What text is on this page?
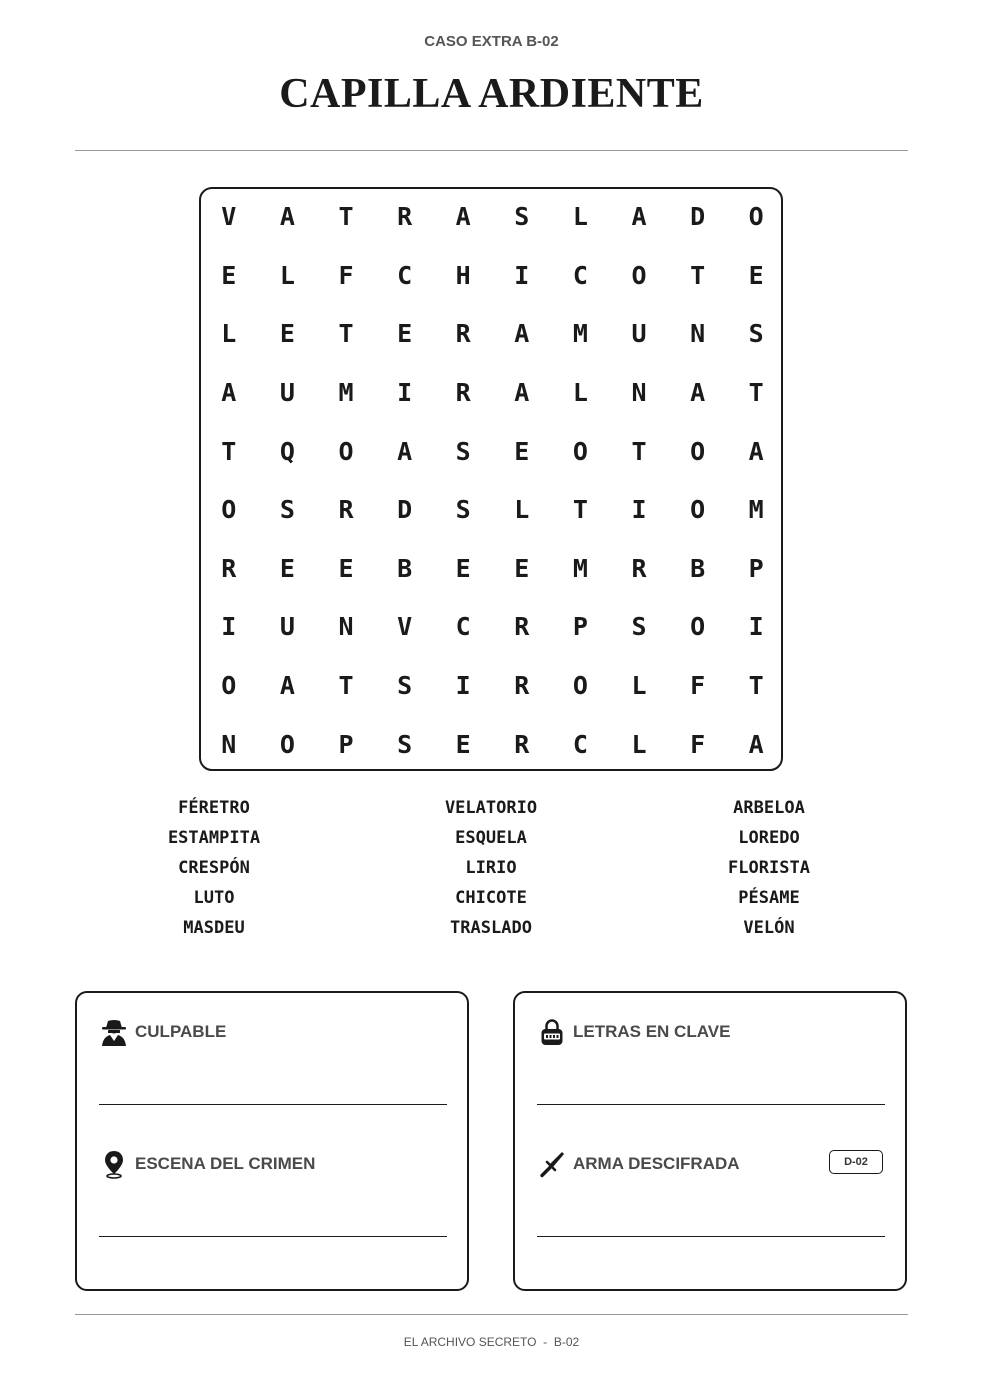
CASO EXTRA B-02
CAPILLA ARDIENTE
V	A	T	R	A	S	L	A	D	O
E	L	F	C	H	I	C	O	T	E
L	E	T	E	R	A	M	U	N	S
A	U	M	I	R	A	L	N	A	T
T	Q	O	A	S	E	O	T	O	A
O	S	R	D	S	L	T	I	O	M
R	E	E	B	E	E	M	R	B	P
I	U	N	V	C	R	P	S	O	I
O	A	T	S	I	R	O	L	F	T
N	O	P	S	E	R	C	L	F	A
FÉRETRO
ESTAMPITA
CRESPÓN
LUTO
MASDEU
VELATORIO
ESQUELA
LIRIO
CHICOTE
TRASLADO
ARBELOA
LOREDO
FLORISTA
PÉSAME
VELÓN
CULPABLE
ESCENA DEL CRIMEN
LETRAS EN CLAVE
ARMA DESCIFRADA	D-02
EL ARCHIVO SECRETO  -  B-02
